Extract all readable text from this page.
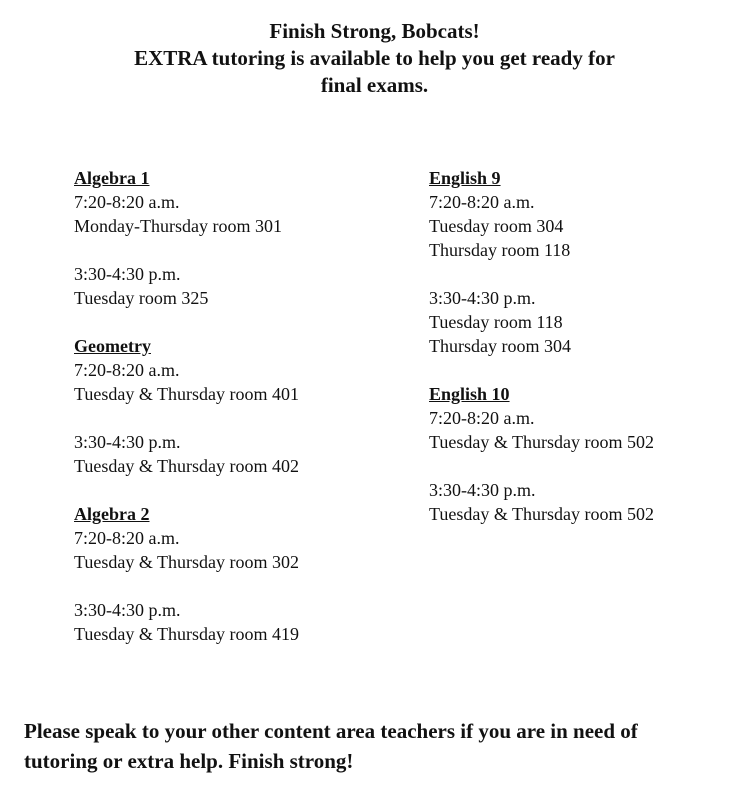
Finish Strong, Bobcats!
EXTRA tutoring is available to help you get ready for
final exams.
Algebra 1
7:20-8:20 a.m.
Monday-Thursday room 301
3:30-4:30 p.m.
Tuesday room 325
Geometry
7:20-8:20 a.m.
Tuesday & Thursday room 401
3:30-4:30 p.m.
Tuesday & Thursday room 402
Algebra 2
7:20-8:20 a.m.
Tuesday & Thursday room 302
3:30-4:30 p.m.
Tuesday & Thursday room 419
English 9
7:20-8:20 a.m.
Tuesday room 304
Thursday room 118
3:30-4:30 p.m.
Tuesday room 118
Thursday room 304
English 10
7:20-8:20 a.m.
Tuesday & Thursday room 502
3:30-4:30 p.m.
Tuesday & Thursday room 502
Please speak to your other content area teachers if you are in need of
tutoring or extra help. Finish strong!
